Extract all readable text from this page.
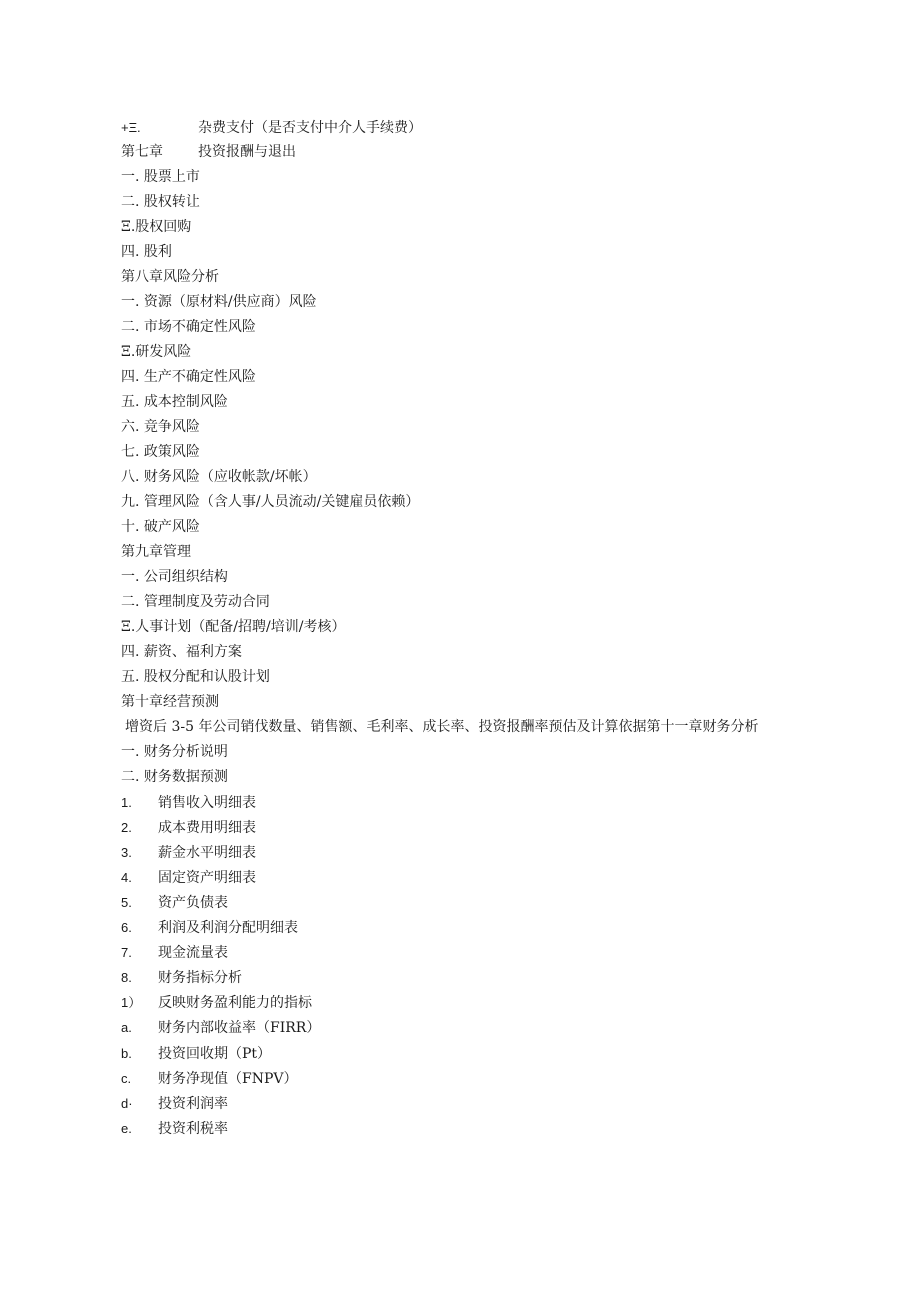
+Ξ.	杂费支付（是否支付中介人手续费）
第七章	投资报酬与退出
一. 股票上市
二. 股权转让
Ξ.股权回购
四. 股利
第八章风险分析
一. 资源（原材料/供应商）风险
二. 市场不确定性风险
Ξ.研发风险
四. 生产不确定性风险
五. 成本控制风险
六. 竞争风险
七. 政策风险
八. 财务风险（应收帐款/坏帐）
九. 管理风险（含人事/人员流动/关键雇员依赖）
十. 破产风险
第九章管理
一. 公司组织结构
二. 管理制度及劳动合同
Ξ.人事计划（配备/招聘/培训/考核）
四. 薪资、福利方案
五. 股权分配和认股计划
第十章经营预测
增资后 3-5 年公司销伐数量、销售额、毛利率、成长率、投资报酬率预估及计算依据第十一章财务分析
一. 财务分析说明
二. 财务数据预测
1. 销售收入明细表
2. 成本费用明细表
3. 薪金水平明细表
4. 固定资产明细表
5. 资产负债表
6. 利润及利润分配明细表
7. 现金流量表
8. 财务指标分析
1） 反映财务盈利能力的指标
a. 财务内部收益率（FIRR）
b. 投资回收期（Pt）
c. 财务净现值（FNPV）
d· 投资利润率
e. 投资利税率
